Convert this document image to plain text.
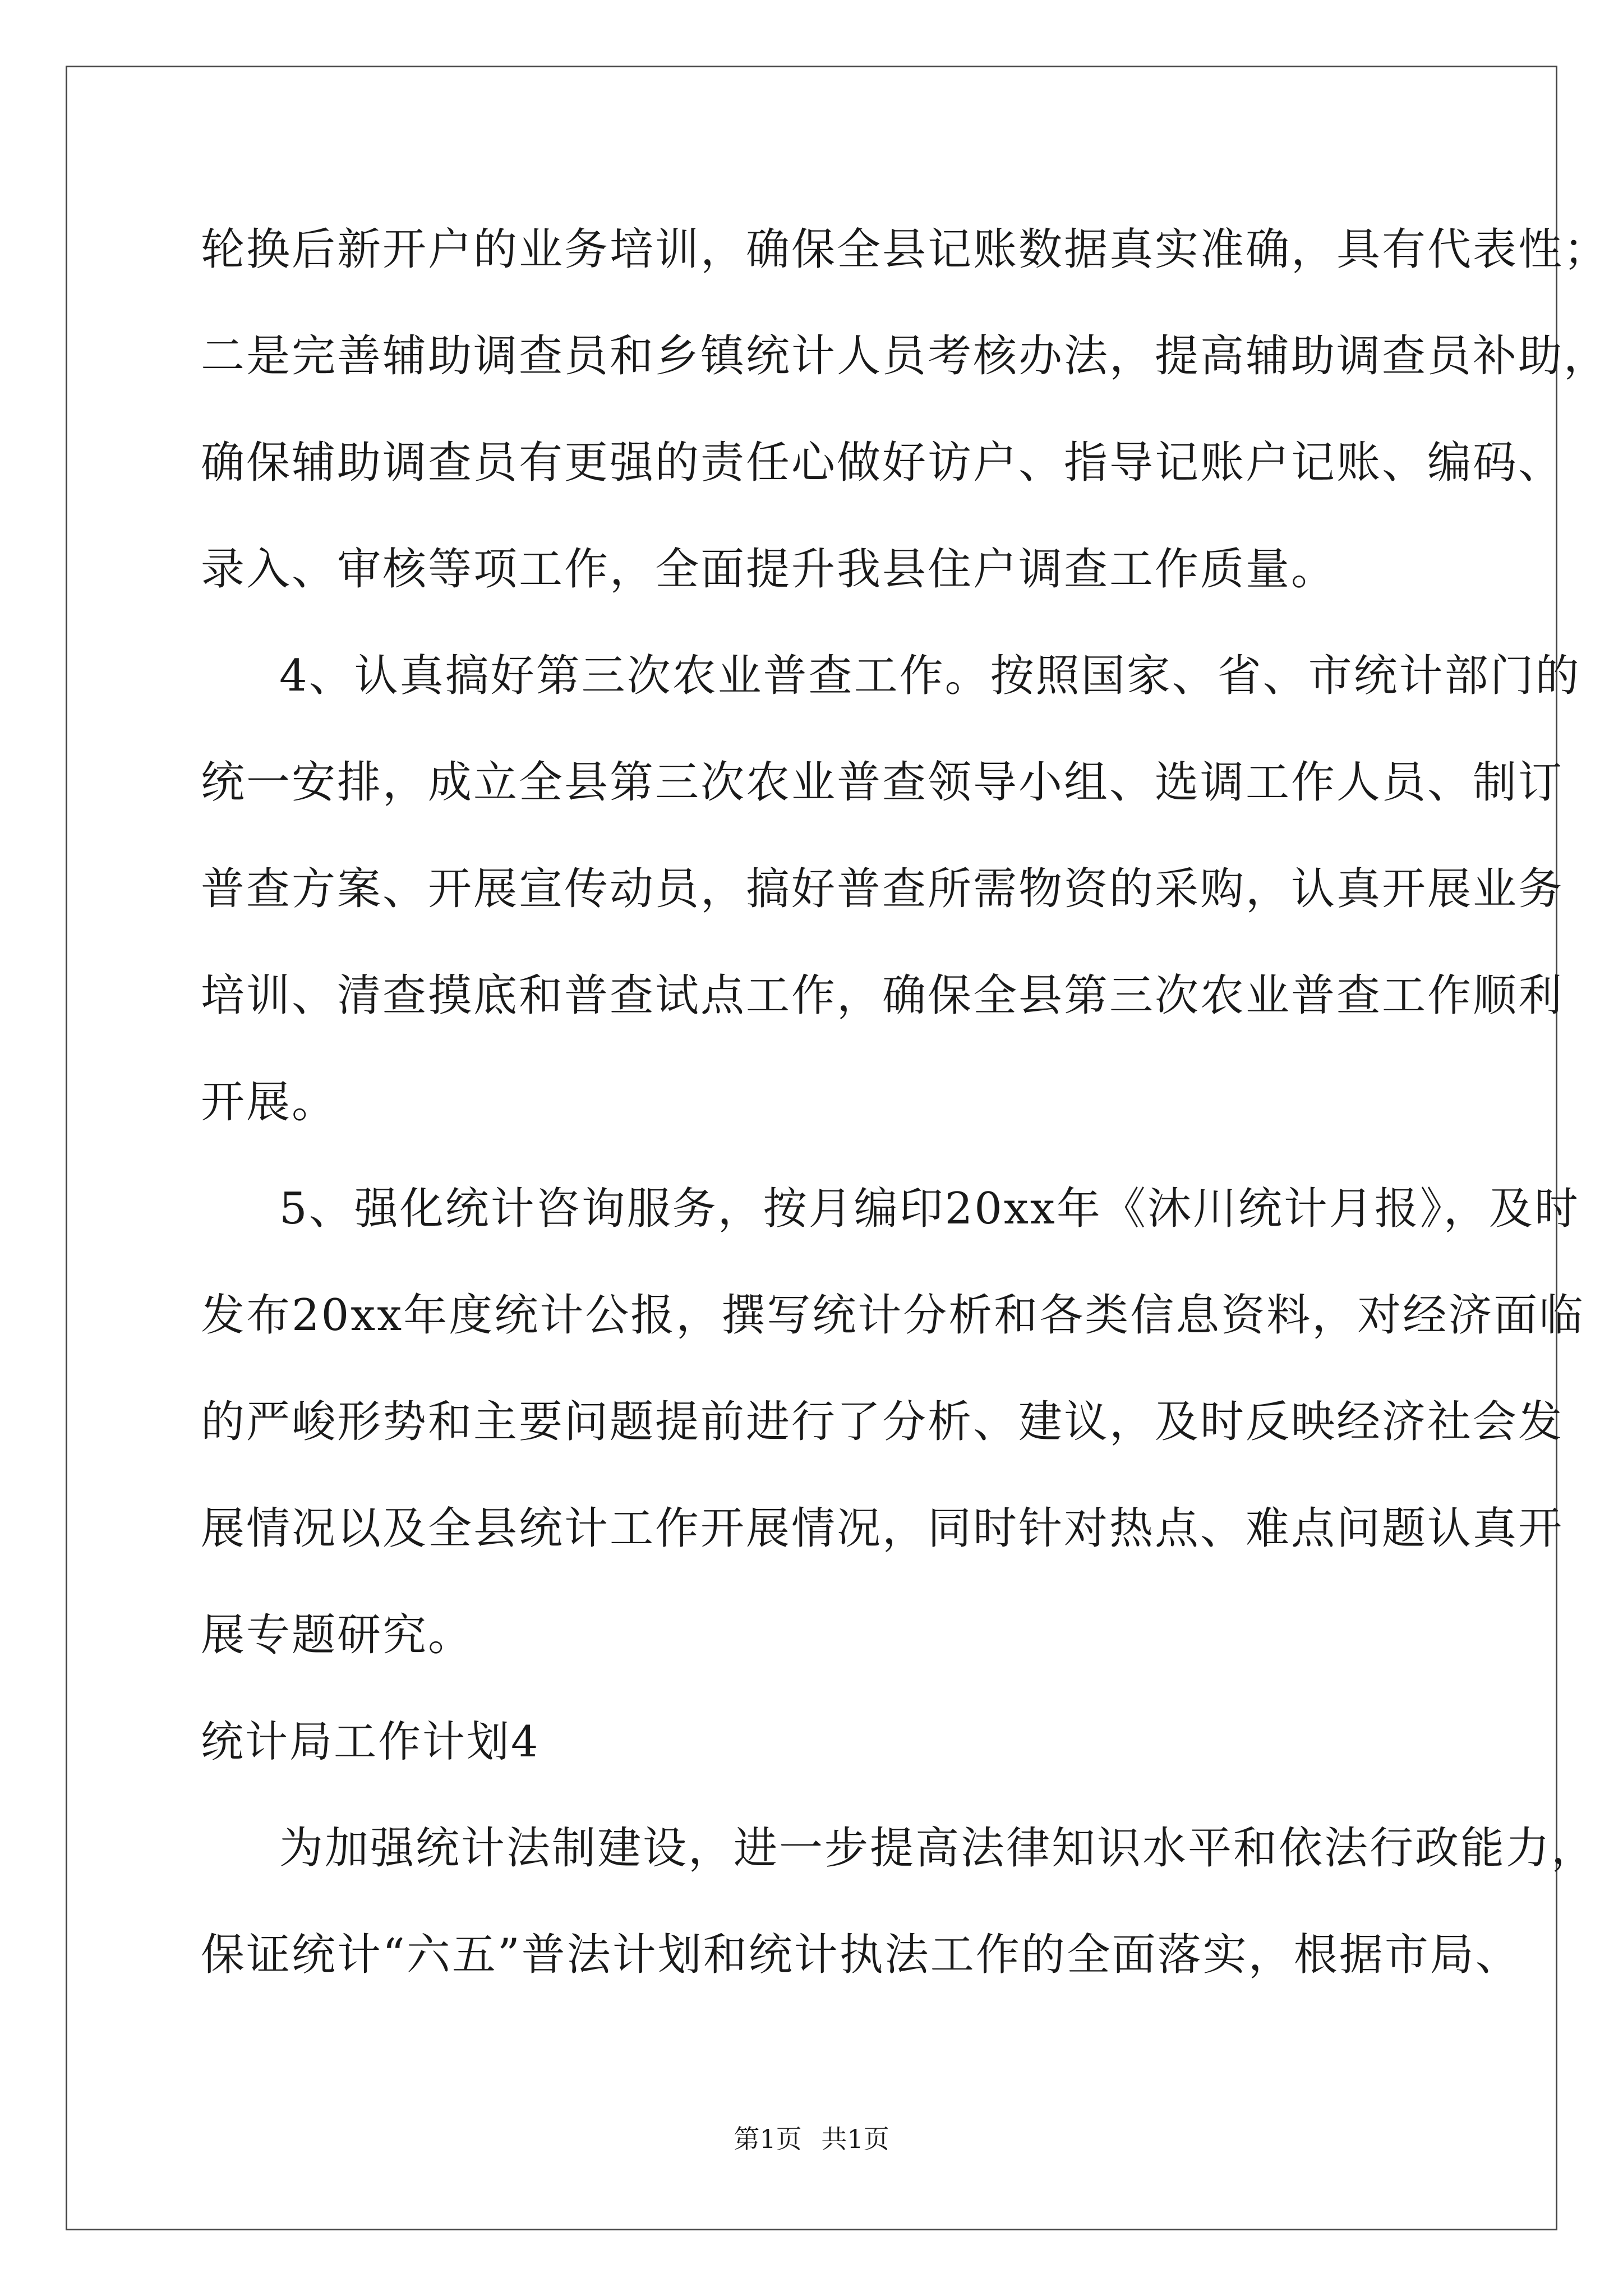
轮换后新开户的业务培训，确保全县记账数据真实准确，具有代表性；
二是完善辅助调查员和乡镇统计人员考核办法，提高辅助调查员补助，
确保辅助调查员有更强的责任心做好访户、指导记账户记账、编码、
录入、审核等项工作，全面提升我县住户调查工作质量。
4、认真搞好第三次农业普查工作。按照国家、省、市统计部门的
统一安排，成立全县第三次农业普查领导小组、选调工作人员、制订
普查方案、开展宣传动员，搞好普查所需物资的采购，认真开展业务
培训、清查摸底和普查试点工作，确保全县第三次农业普查工作顺利
开展。
5、强化统计咨询服务，按月编印20xx年《沐川统计月报》，及时
发布20xx年度统计公报，撰写统计分析和各类信息资料，对经济面临
的严峻形势和主要问题提前进行了分析、建议，及时反映经济社会发
展情况以及全县统计工作开展情况，同时针对热点、难点问题认真开
展专题研究。
统计局工作计划4
为加强统计法制建设，进一步提高法律知识水平和依法行政能力，
保证统计“六五”普法计划和统计执法工作的全面落实，根据市局、
第1页 共1页
